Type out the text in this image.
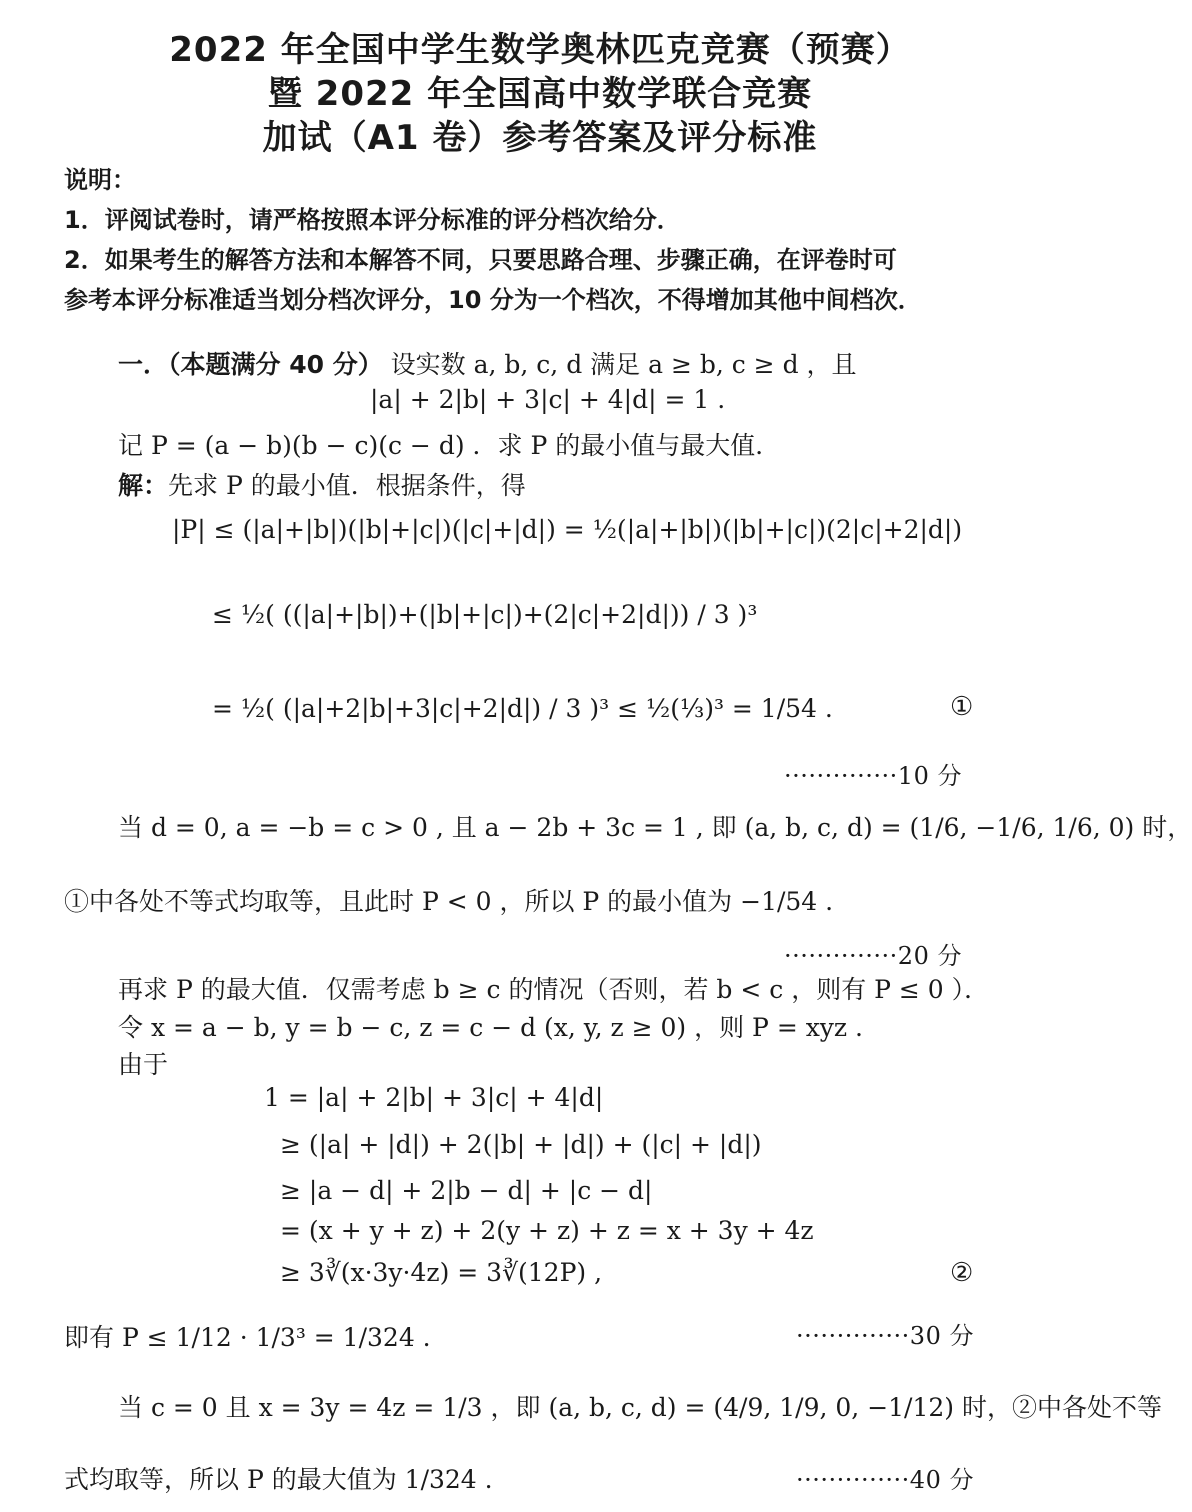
2022 年全国中学生数学奥林匹克竞赛（预赛）
暨 2022 年全国高中数学联合竞赛
加试（A1 卷）参考答案及评分标准
说明：
1．评阅试卷时，请严格按照本评分标准的评分档次给分．
2．如果考生的解答方法和本解答不同，只要思路合理、步骤正确，在评卷时可
参考本评分标准适当划分档次评分，10 分为一个档次，不得增加其他中间档次．
一．（本题满分 40 分） 设实数 a, b, c, d 满足 a ≥ b, c ≥ d ，且
|a| + 2|b| + 3|c| + 4|d| = 1 .
记 P = (a − b)(b − c)(c − d) ．求 P 的最小值与最大值．
解：先求 P 的最小值．根据条件，得
|P| ≤ (|a|+|b|)(|b|+|c|)(|c|+|d|) = ½(|a|+|b|)(|b|+|c|)(2|c|+2|d|)
≤ ½( ((|a|+|b|)+(|b|+|c|)+(2|c|+2|d|)) / 3 )³
= ½( (|a|+2|b|+3|c|+2|d|) / 3 )³ ≤ ½(⅓)³ = 1/54 .	①
··············10 分
当 d = 0, a = −b = c > 0 , 且 a − 2b + 3c = 1 , 即 (a, b, c, d) = (1/6, −1/6, 1/6, 0) 时，
①中各处不等式均取等，且此时 P < 0 ，所以 P 的最小值为 −1/54 .
··············20 分
再求 P 的最大值．仅需考虑 b ≥ c 的情况（否则，若 b < c ，则有 P ≤ 0 ）．
令 x = a − b, y = b − c, z = c − d (x, y, z ≥ 0) ，则 P = xyz .
由于
1 = |a| + 2|b| + 3|c| + 4|d|
≥ (|a| + |d|) + 2(|b| + |d|) + (|c| + |d|)
≥ |a − d| + 2|b − d| + |c − d|
= (x + y + z) + 2(y + z) + z = x + 3y + 4z
≥ 3∛(x·3y·4z) = 3∛(12P) ,	②
即有 P ≤ 1/12 · 1/3³ = 1/324 .	··············30 分
当 c = 0 且 x = 3y = 4z = 1/3 ，即 (a, b, c, d) = (4/9, 1/9, 0, −1/12) 时，②中各处不等
式均取等，所以 P 的最大值为 1/324 .	··············40 分
